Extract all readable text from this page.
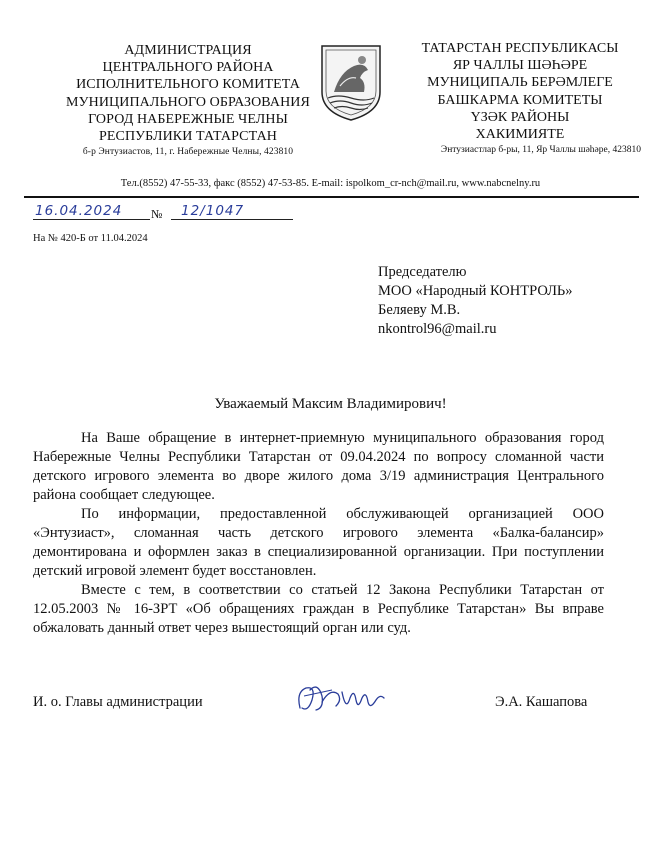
АДМИНИСТРАЦИЯ
ЦЕНТРАЛЬНОГО РАЙОНА
ИСПОЛНИТЕЛЬНОГО КОМИТЕТА
МУНИЦИПАЛЬНОГО ОБРАЗОВАНИЯ
ГОРОД НАБЕРЕЖНЫЕ ЧЕЛНЫ
РЕСПУБЛИКИ ТАТАРСТАН
б-р Энтузиастов, 11, г. Набережные Челны, 423810
ТАТАРСТАН РЕСПУБЛИКАСЫ
ЯР ЧАЛЛЫ ШӘҺӘРЕ
МУНИЦИПАЛЬ БЕРӘМЛЕГЕ
БАШКАРМА КОМИТЕТЫ
ҮЗӘК РАЙОНЫ
ХАКИМИЯТЕ
Энтузиастлар б-ры, 11, Яр Чаллы шәһәре, 423810
Тел.(8552) 47-55-33, факс (8552) 47-53-85. E-mail: ispolkom_cr-nch@mail.ru, www.nabcnelny.ru
16.04.2024	№	12/1047
На № 420-Б от 11.04.2024
Председателю
МОО «Народный КОНТРОЛЬ»
Беляеву М.В.
nkontrol96@mail.ru
Уважаемый Максим Владимирович!

На Ваше обращение в интернет-приемную муниципального образования город Набережные Челны Республики Татарстан от 09.04.2024 по вопросу сломанной части детского игрового элемента во дворе жилого дома 3/19 администрация Центрального района сообщает следующее.

По информации, предоставленной обслуживающей организацией ООО «Энтузиаст», сломанная часть детского игрового элемента «Балка-балансир» демонтирована и оформлен заказ в специализированной организации. При поступлении детский игровой элемент будет восстановлен.

Вместе с тем, в соответствии со статьей 12 Закона Республики Татарстан от 12.05.2003 № 16-ЗРТ «Об обращениях граждан в Республике Татарстан» Вы вправе обжаловать данный ответ через вышестоящий орган или суд.

И. о. Главы администрации	Э.А. Кашапова
